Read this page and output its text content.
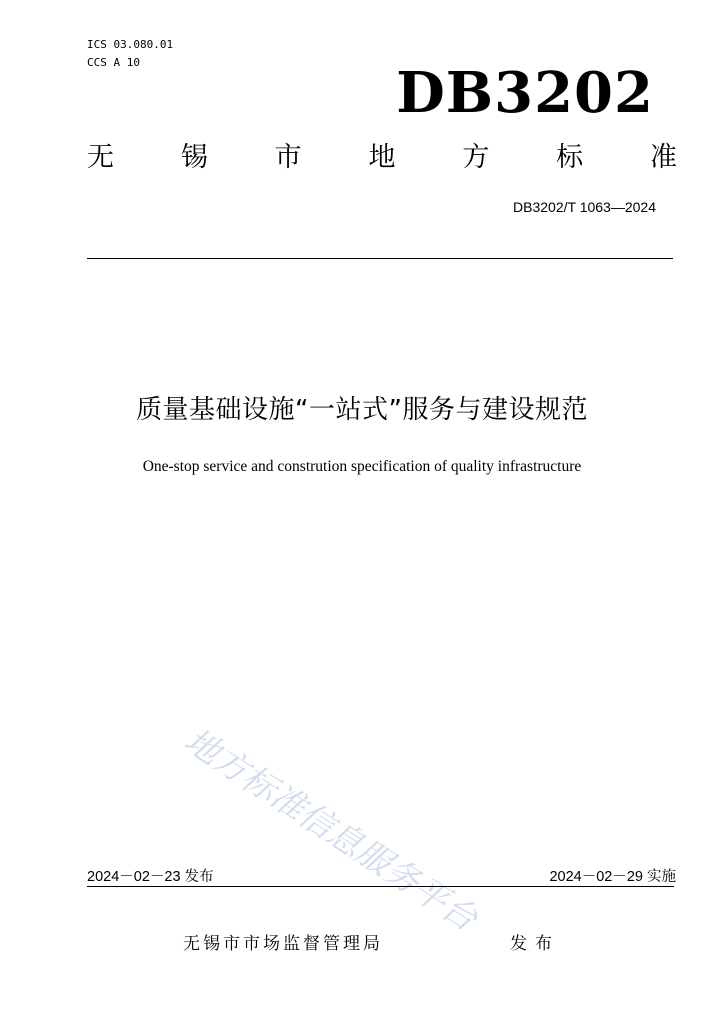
ICS 03.080.01
CCS A 10	DB3202
无 锡 市 地 方 标 准
DB3202/T 1063—2024
质量基础设施“一站式”服务与建设规范
One-stop service and constrution specification of quality infrastructure
地方标准信息服务平台
2024－02－23 发布	2024－02－29 实施
无锡市市场监督管理局	发布
